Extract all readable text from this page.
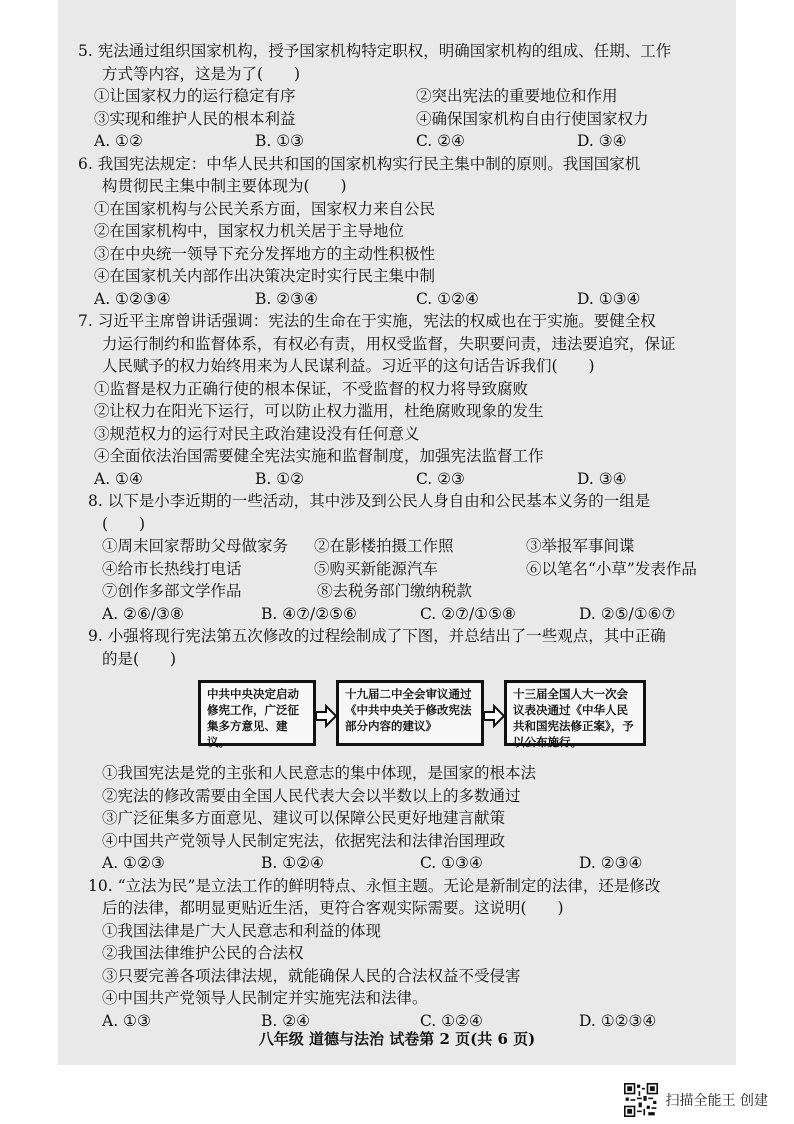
八年级 道德与法治 试卷第 2 页(共 6 页)
5. 宪法通过组织国家机构，授予国家机构特定职权，明确国家机构的组成、任期、工作
方式等内容，这是为了(　　)
①让国家权力的运行稳定有序	②突出宪法的重要地位和作用
③实现和维护人民的根本利益	④确保国家机构自由行使国家权力
A. ①②	B. ①③	C. ②④	D. ③④
6. 我国宪法规定：中华人民共和国的国家机构实行民主集中制的原则。我国国家机
构贯彻民主集中制主要体现为(　　)
①在国家机构与公民关系方面，国家权力来自公民
②在国家机构中，国家权力机关居于主导地位
③在中央统一领导下充分发挥地方的主动性积极性
④在国家机关内部作出决策决定时实行民主集中制
A. ①②③④	B. ②③④	C. ①②④	D. ①③④
7. 习近平主席曾讲话强调：宪法的生命在于实施，宪法的权威也在于实施。要健全权
力运行制约和监督体系，有权必有责，用权受监督，失职要问责，违法要追究，保证
人民赋予的权力始终用来为人民谋利益。习近平的这句话告诉我们(　　)
①监督是权力正确行使的根本保证，不受监督的权力将导致腐败
②让权力在阳光下运行，可以防止权力滥用，杜绝腐败现象的发生
③规范权力的运行对民主政治建设没有任何意义
④全面依法治国需要健全宪法实施和监督制度，加强宪法监督工作
A. ①④	B. ①②	C. ②③	D. ③④
8. 以下是小李近期的一些活动，其中涉及到公民人身自由和公民基本义务的一组是
(　　)
①周末回家帮助父母做家务	②在影楼拍摄工作照	③举报军事间谍
④给市长热线打电话	⑤购买新能源汽车	⑥以笔名“小草”发表作品
⑦创作多部文学作品	⑧去税务部门缴纳税款
A. ②⑥/③⑧	B. ④⑦/②⑤⑥	C. ②⑦/①⑤⑧	D. ②⑤/①⑥⑦
9. 小强将现行宪法第五次修改的过程绘制成了下图，并总结出了一些观点，其中正确
的是(　　)
中共中央决定启动修宪工作，广泛征集多方意见、建议。
十九届二中全会审议通过《中共中央关于修改宪法部分内容的建议》
十三届全国人大一次会议表决通过《中华人民共和国宪法修正案》，予以公布施行。
①我国宪法是党的主张和人民意志的集中体现，是国家的根本法
②宪法的修改需要由全国人民代表大会以半数以上的多数通过
③广泛征集多方面意见、建议可以保障公民更好地建言献策
④中国共产党领导人民制定宪法，依据宪法和法律治国理政
A. ①②③	B. ①②④	C. ①③④	D. ②③④
10. “立法为民”是立法工作的鲜明特点、永恒主题。无论是新制定的法律，还是修改
后的法律，都明显更贴近生活，更符合客观实际需要。这说明(　　)
①我国法律是广大人民意志和利益的体现
②我国法律维护公民的合法权
③只要完善各项法律法规，就能确保人民的合法权益不受侵害
④中国共产党领导人民制定并实施宪法和法律。
A. ①③	B. ②④	C. ①②④	D. ①②③④
扫描全能王 创建
